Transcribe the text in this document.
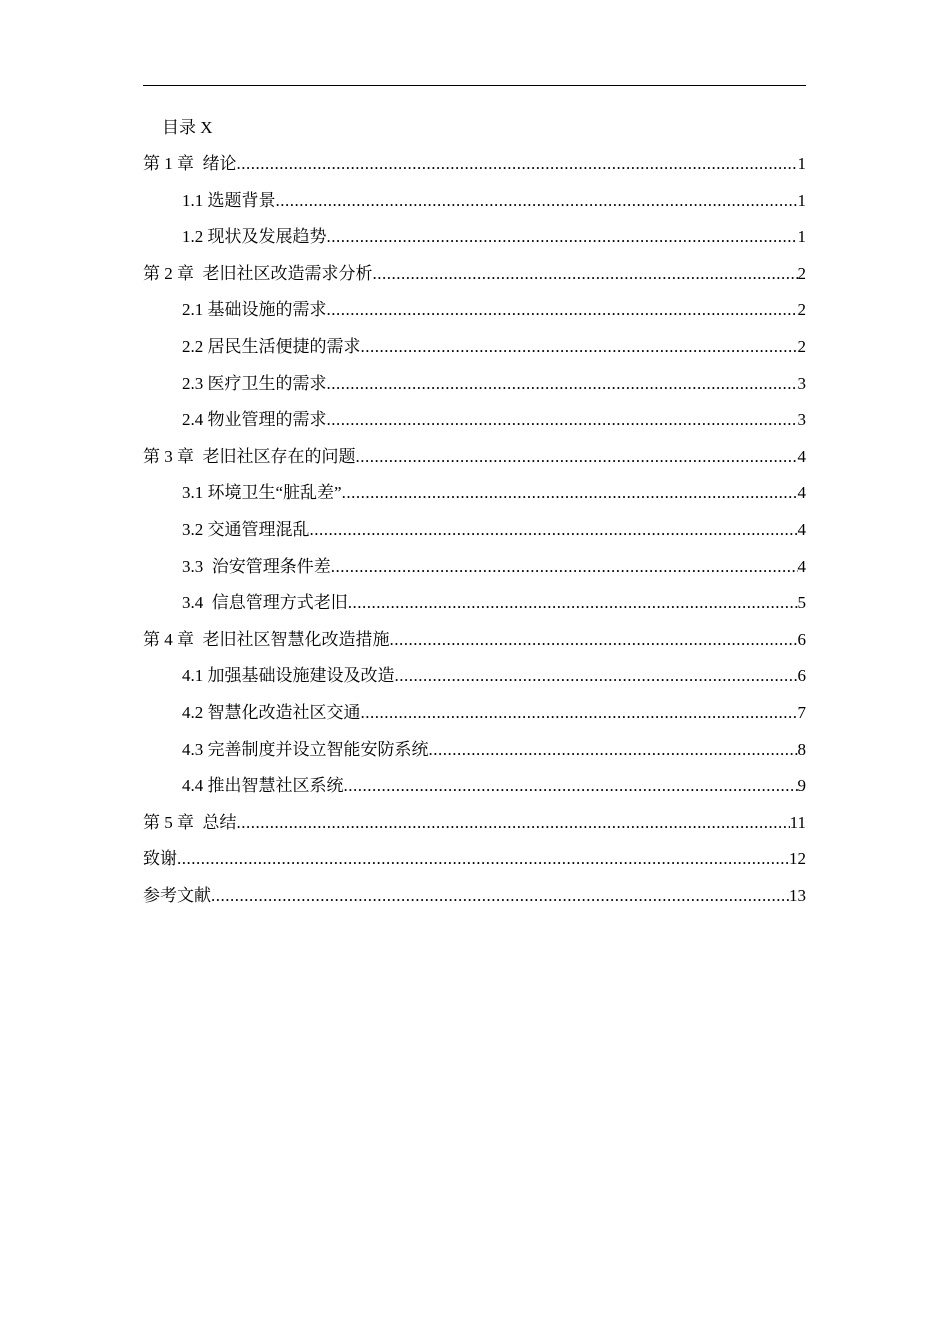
目录 X
第 1 章  绪论 .....	1
1.1 选题背景 .....	1
1.2 现状及发展趋势 .....	1
第 2 章  老旧社区改造需求分析 .....	2
2.1 基础设施的需求 .....	2
2.2 居民生活便捷的需求 .....	2
2.3 医疗卫生的需求 .....	3
2.4 物业管理的需求 .....	3
第 3 章  老旧社区存在的问题 .....	4
3.1 环境卫生“脏乱差” .....	4
3.2 交通管理混乱 .....	4
3.3  治安管理条件差 .....	4
3.4  信息管理方式老旧 .....	5
第 4 章  老旧社区智慧化改造措施 .....	6
4.1 加强基础设施建设及改造 .....	6
4.2 智慧化改造社区交通 .....	7
4.3 完善制度并设立智能安防系统 .....	8
4.4 推出智慧社区系统 .....	9
第 5 章  总结 .....	11
致谢 .....	12
参考文献 .....	13
